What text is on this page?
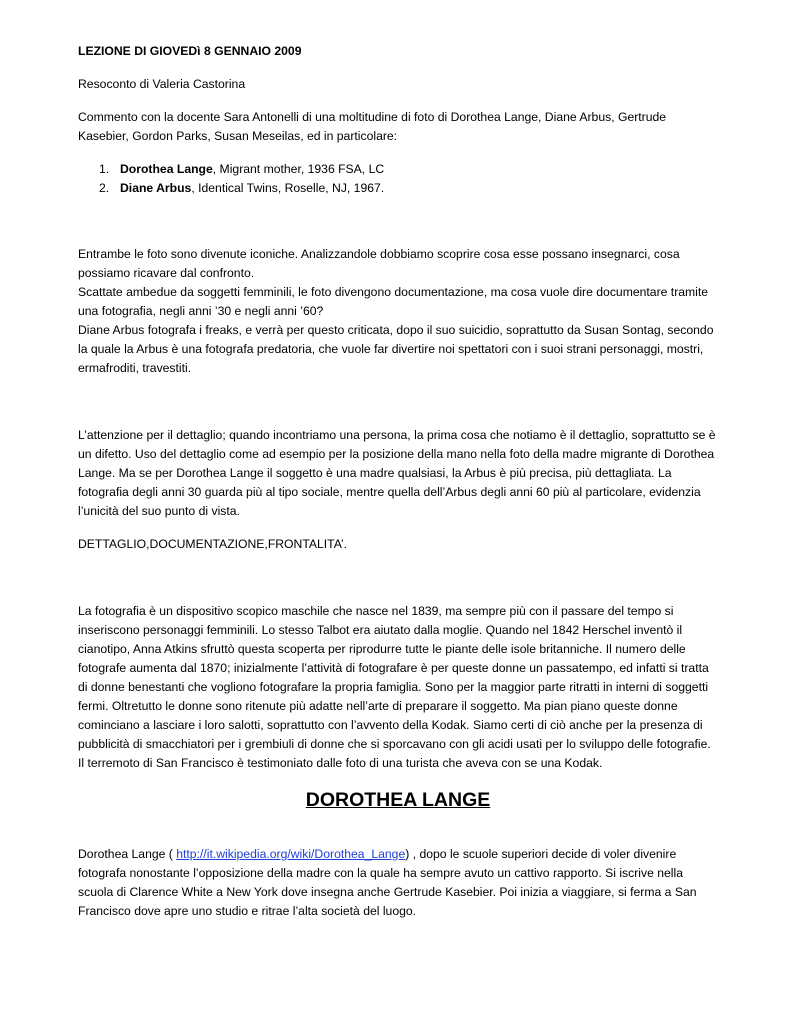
LEZIONE DI GIOVEDì 8 GENNAIO 2009

Resoconto di Valeria Castorina

Commento con la docente Sara Antonelli di una moltitudine di foto di Dorothea Lange, Diane Arbus, Gertrude Kasebier, Gordon Parks, Susan Meseilas, ed in particolare:

1. Dorothea Lange, Migrant mother, 1936 FSA, LC
2. Diane Arbus, Identical Twins, Roselle, NJ, 1967.

Entrambe le foto sono divenute iconiche. Analizzandole dobbiamo scoprire cosa esse possano insegnarci, cosa possiamo ricavare dal confronto.

Scattate ambedue da soggetti femminili, le foto divengono documentazione, ma cosa vuole dire documentare tramite una fotografia, negli anni ’30 e negli anni ’60?

Diane Arbus fotografa i freaks, e verrà per questo criticata, dopo il suo suicidio, soprattutto da Susan Sontag, secondo la quale la Arbus è una fotografa predatoria, che vuole far divertire noi spettatori con i suoi strani personaggi, mostri, ermafroditi, travestiti.

L’attenzione per il dettaglio; quando incontriamo una persona, la prima cosa che notiamo è il dettaglio, soprattutto se è un difetto. Uso del dettaglio come ad esempio per la posizione della mano nella foto della madre migrante di Dorothea Lange. Ma se per Dorothea Lange il soggetto è una madre qualsiasi, la Arbus è più precisa, più dettagliata. La fotografia degli anni 30 guarda più al tipo sociale, mentre quella dell’Arbus degli anni 60 più al particolare, evidenzia l’unicità del suo punto di vista.

DETTAGLIO,DOCUMENTAZIONE,FRONTALITA’.

La fotografia è un dispositivo scopico maschile che nasce nel 1839, ma sempre più con il passare del tempo si inseriscono personaggi femminili. Lo stesso Talbot era aiutato dalla moglie. Quando nel 1842 Herschel inventò il cianotipo, Anna Atkins sfruttò questa scoperta per riprodurre tutte le piante delle isole britanniche. Il numero delle fotografe aumenta dal 1870; inizialmente l’attività di fotografare è per queste donne un passatempo, ed infatti si tratta di donne benestanti che vogliono fotografare la propria famiglia. Sono per la maggior parte ritratti in interni di soggetti fermi. Oltretutto le donne sono ritenute più adatte nell’arte di preparare il soggetto. Ma pian piano queste donne cominciano a lasciare i loro salotti, soprattutto con l’avvento della Kodak. Siamo certi di ciò anche per la presenza di pubblicità di smacchiatori per i grembiuli di donne che si sporcavano con gli acidi usati per lo sviluppo delle fotografie.

Il terremoto di San Francisco è testimoniato dalle foto di una turista che aveva con se una Kodak.

DOROTHEA LANGE

Dorothea Lange ( http://it.wikipedia.org/wiki/Dorothea_Lange) , dopo le scuole superiori decide di voler divenire fotografa nonostante l’opposizione della madre con la quale ha sempre avuto un cattivo rapporto. Si iscrive nella scuola di Clarence White a New York dove insegna anche Gertrude Kasebier. Poi inizia a viaggiare, si ferma a San Francisco dove apre uno studio e ritrae l’alta società del luogo.
